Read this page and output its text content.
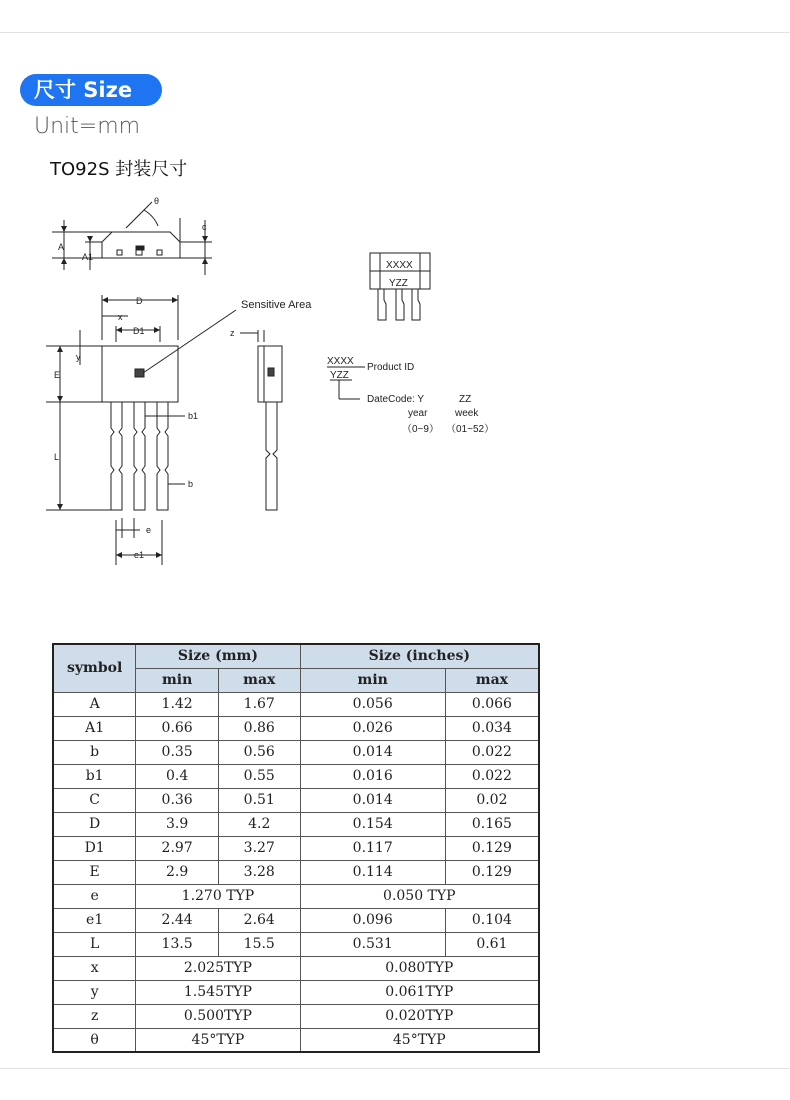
尺寸 Size
Unit=mm
TO92S 封装尺寸
θ
c
A
A1
D
x
D1
y
E
L
b1
b
e
e1
z
Sensitive Area
XXXX
YZZ
XXXX
YZZ
Product ID
DateCode: Y	ZZ
year	week
（0~9） （01~52）
symbol	Size (mm)		Size (inches)	
	min	max	min	max
A	1.42	1.67	0.056	0.066
A1	0.66	0.86	0.026	0.034
b	0.35	0.56	0.014	0.022
b1	0.4	0.55	0.016	0.022
C	0.36	0.51	0.014	0.02
D	3.9	4.2	0.154	0.165
D1	2.97	3.27	0.117	0.129
E	2.9	3.28	0.114	0.129
e	1.270 TYP		0.050 TYP	
e1	2.44	2.64	0.096	0.104
L	13.5	15.5	0.531	0.61
x	2.025TYP		0.080TYP	
y	1.545TYP		0.061TYP	
z	0.500TYP		0.020TYP	
θ	45°TYP		45°TYP	
